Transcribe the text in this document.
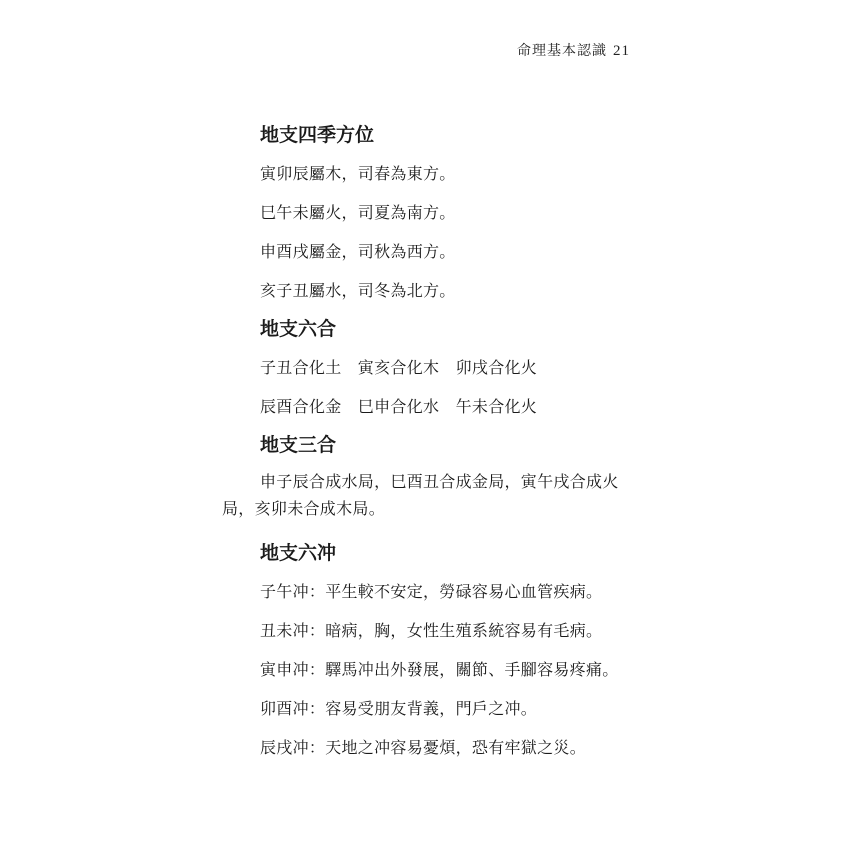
命理基本認識 21
地支四季方位
寅卯辰屬木，司春為東方。
巳午未屬火，司夏為南方。
申酉戌屬金，司秋為西方。
亥子丑屬水，司冬為北方。
地支六合
子丑合化土　寅亥合化木　卯戌合化火
辰酉合化金　巳申合化水　午未合化火
地支三合
申子辰合成水局，巳酉丑合成金局，寅午戌合成火局，亥卯未合成木局。
地支六冲
子午冲：平生較不安定，勞碌容易心血管疾病。
丑未冲：暗病，胸，女性生殖系統容易有毛病。
寅申冲：驛馬冲出外發展，關節、手腳容易疼痛。
卯酉冲：容易受朋友背義，門戶之冲。
辰戌冲：天地之冲容易憂煩，恐有牢獄之災。
